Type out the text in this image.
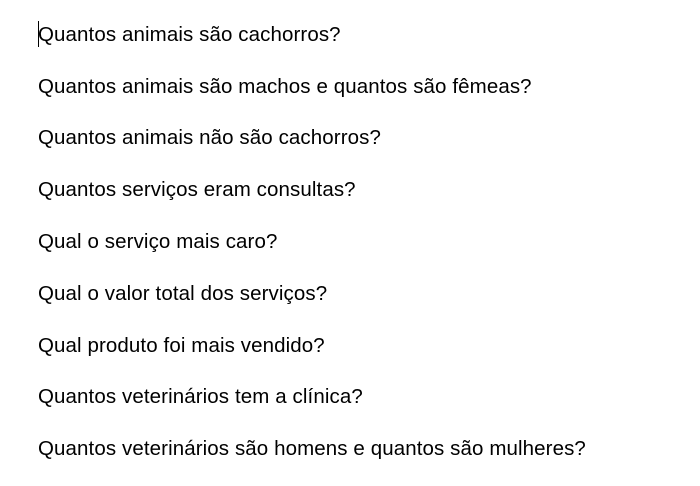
Quantos animais são cachorros?
Quantos animais são machos e quantos são fêmeas?
Quantos animais não são cachorros?
Quantos serviços eram consultas?
Qual o serviço mais caro?
Qual o valor total dos serviços?
Qual produto foi mais vendido?
Quantos veterinários tem a clínica?
Quantos veterinários são homens e quantos são mulheres?
